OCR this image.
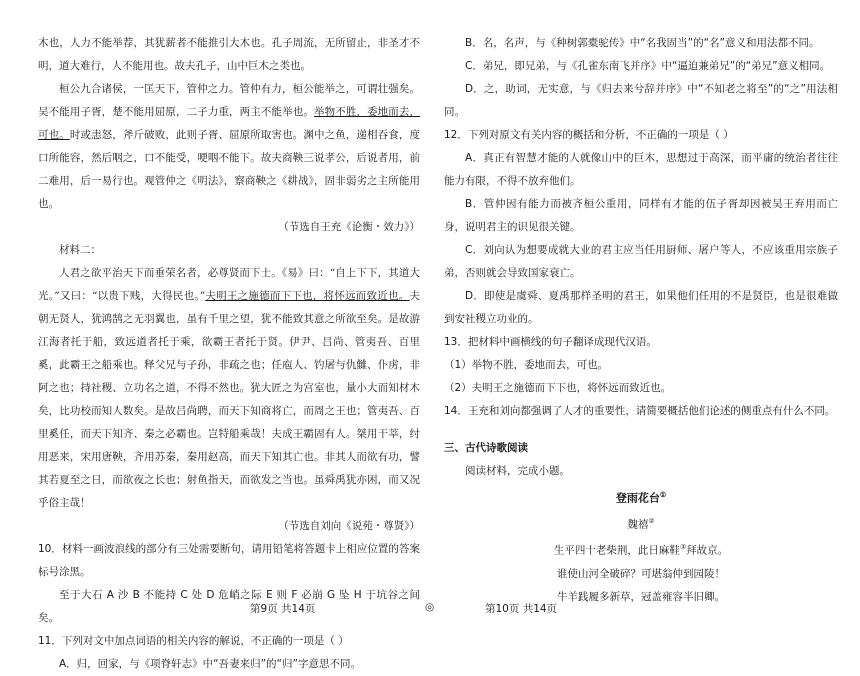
木也，人力不能举荐，其犹薪者不能推引大木也。孔子周流，无所留止，非圣才不明，道大难行，人不能用也。故夫孔子，山中巨木之类也。

桓公九合诸侯，一匡天下，管仲之力。管仲有力，桓公能举之，可谓壮强矣。吴不能用子胥，楚不能用屈原，二子力重，两主不能举也。举物不胜，委地而去，可也。时或恚怒，斧斤破败，此则子胥、屈原所取害也。渊中之鱼，递相吞食，度口所能容，然后咽之，口不能受，哽咽不能下。故夫商鞅三说孝公，后说者用，前二难用，后一易行也。观管仲之《明法》，察商鞅之《耕战》，固非弱劣之主所能用也。

（节选自王充《论衡・效力》）

材料二：

人君之欲平治天下而垂荣名者，必尊贤而下士。《易》曰：“自上下下，其道大光。”又曰：“以贵下贱，大得民也。”夫明王之施德而下下也，将怀远而致近也。夫朝无贤人，犹鸿鹄之无羽翼也，虽有千里之望，犹不能致其意之所欲至矣。是故游江海者托于船，致远道者托于乘，欲霸王者托于贤。伊尹、吕尚、管夷吾、百里奚，此霸王之船乘也。释父兄与子孙，非疏之也；任庖人、钓屠与仇雠、仆虏，非阿之也；持社稷、立功名之道，不得不然也。犹大匠之为宫室也，量小大而知材木矣，比功校而知人数矣。是故吕尚聘，而天下知商将亡，而周之王也；管夷吾、百里奚任，而天下知齐、秦之必霸也。岂特船乘哉！夫成王霸固有人。桀用干莘，纣用恶来，宋用唐鞅，齐用苏秦，秦用赵高，而天下知其亡也。非其人而欲有功，譬其若夏至之日，而欲夜之长也；射鱼指天，而欲发之当也。虽舜禹犹亦困，而又况乎俗主哉！

（节选自刘向《说苑・尊贤》）

10．材料一画波浪线的部分有三处需要断句，请用铅笔将答题卡上相应位置的答案标号涂黑。

至于大石 A 沙 B 不能持 C 处 D 危峭之际 E 则 F 必崩 G 坠 H 于坑谷之间矣。

11．下列对文中加点词语的相关内容的解说，不正确的一项是（ ）

A．归，回家，与《项脊轩志》中“吾妻来归”的“归”字意思不同。

B．名，名声，与《种树郭橐驼传》中“名我固当”的“名”意义和用法都不同。

C．弟兄，即兄弟，与《孔雀东南飞并序》中“逼迫兼弟兄”的“弟兄”意义相同。

D．之，助词，无实意，与《归去来兮辞并序》中“不知老之将至”的“之”用法相同。

12．下列对原文有关内容的概括和分析，不正确的一项是（ ）

A．真正有智慧才能的人就像山中的巨木，思想过于高深，而平庸的统治者往往能力有限，不得不放弃他们。

B．管仲因有能力而被齐桓公重用，同样有才能的伍子胥却因被吴王弃用而亡身，说明君主的识见很关键。

C．刘向认为想要成就大业的君主应当任用厨师、屠户等人，不应该重用宗族子弟，否则就会导致国家衰亡。

D．即使是虞舜、夏禹那样圣明的君王，如果他们任用的不是贤臣，也是很难做到安社稷立功业的。

13．把材料中画横线的句子翻译成现代汉语。

（1）举物不胜，委地而去，可也。

（2）夫明王之施德而下下也，将怀远而致近也。

14．王充和刘向都强调了人才的重要性，请简要概括他们论述的侧重点有什么不同。

三、古代诗歌阅读

阅读材料，完成小题。

登雨花台①

魏禧②

生平四十老柴荆，此日麻鞋③拜故京。

谁使山河全破碎？可堪翁仲到园陵！

牛羊践履多新草，冠盖雍容半旧卿。

第9页 共14页	◎	第10页 共14页
